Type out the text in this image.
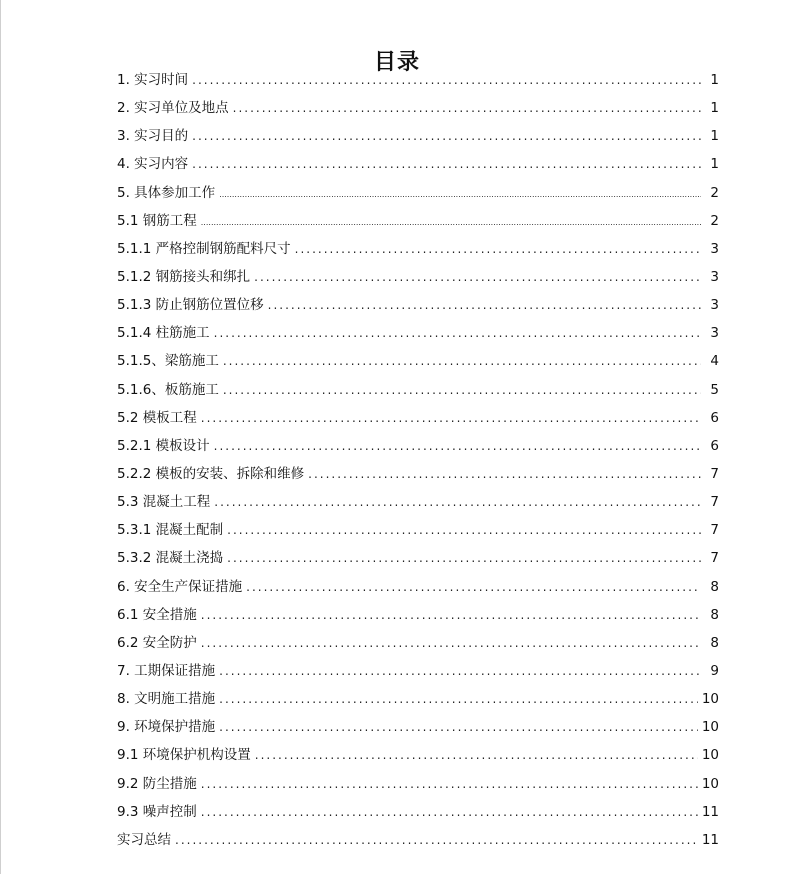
目录
1. 实习时间 .....	1
2. 实习单位及地点 .....	1
3. 实习目的 .....	1
4. 实习内容 .....	1
5. 具体参加工作 .....	2
5.1 钢筋工程 .....	2
5.1.1 严格控制钢筋配料尺寸 .....	3
5.1.2 钢筋接头和绑扎 .....	3
5.1.3 防止钢筋位置位移 .....	3
5.1.4 柱筋施工 .....	3
5.1.5、梁筋施工 .....	4
5.1.6、板筋施工 .....	5
5.2 模板工程 .....	6
5.2.1 模板设计 .....	6
5.2.2 模板的安装、拆除和维修 .....	7
5.3 混凝土工程 .....	7
5.3.1 混凝土配制 .....	7
5.3.2 混凝土浇捣 .....	7
6. 安全生产保证措施 .....	8
6.1 安全措施 .....	8
6.2 安全防护 .....	8
7. 工期保证措施 .....	9
8. 文明施工措施 .....	10
9. 环境保护措施 .....	10
9.1 环境保护机构设置 .....	10
9.2 防尘措施 .....	10
9.3 噪声控制 .....	11
实习总结 .....	11
